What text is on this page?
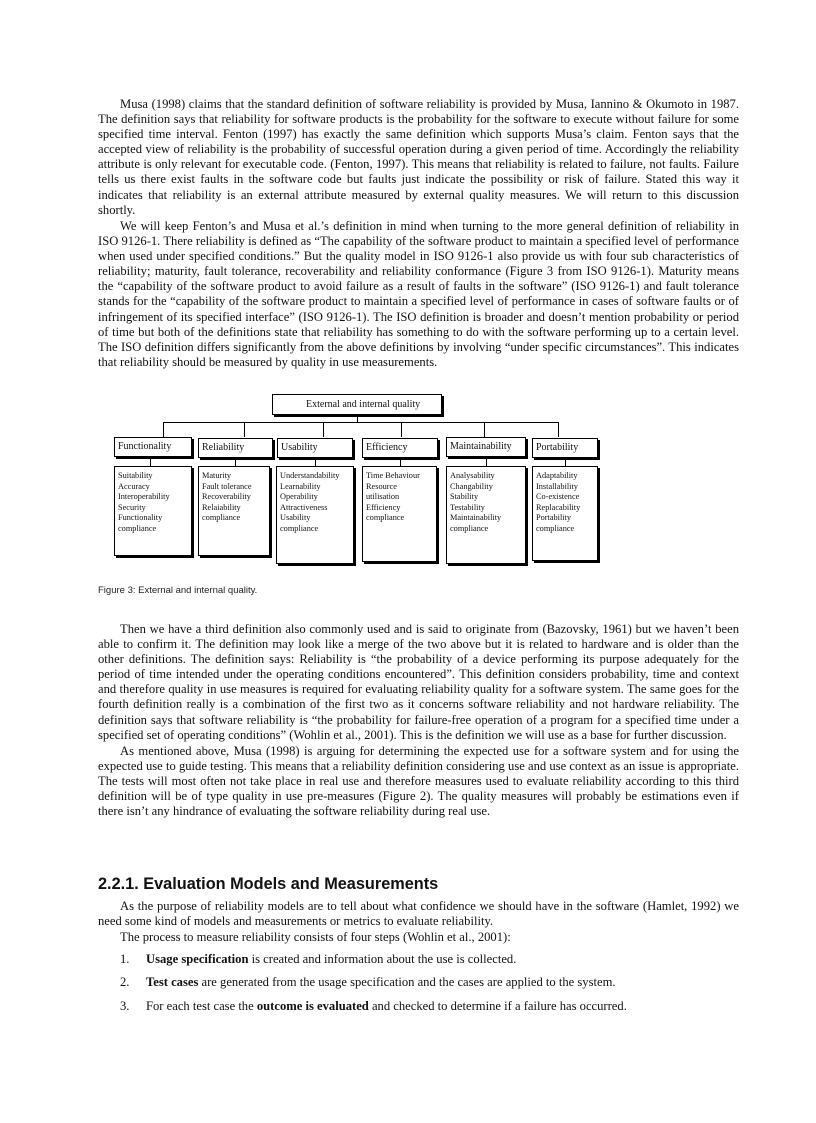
Musa (1998) claims that the standard definition of software reliability is provided by Musa, Iannino & Okumoto in 1987. The definition says that reliability for software products is the probability for the software to execute without failure for some specified time interval. Fenton (1997) has exactly the same definition which supports Musa’s claim. Fenton says that the accepted view of reliability is the probability of successful operation during a given period of time. Accordingly the reliability attribute is only relevant for executable code. (Fenton, 1997). This means that reliability is related to failure, not faults. Failure tells us there exist faults in the software code but faults just indicate the possibility or risk of failure. Stated this way it indicates that reliability is an external attribute measured by external quality measures. We will return to this discussion shortly.

We will keep Fenton’s and Musa et al.’s definition in mind when turning to the more general definition of reliability in ISO 9126-1. There reliability is defined as “The capability of the software product to maintain a specified level of performance when used under specified conditions.” But the quality model in ISO 9126-1 also provide us with four sub characteristics of reliability; maturity, fault tolerance, recoverability and reliability conformance (Figure 3 from ISO 9126-1). Maturity means the “capability of the software product to avoid failure as a result of faults in the software” (ISO 9126-1) and fault tolerance stands for the “capability of the software product to maintain a specified level of performance in cases of software faults or of infringement of its specified interface” (ISO 9126-1). The ISO definition is broader and doesn’t mention probability or period of time but both of the definitions state that reliability has something to do with the software performing up to a certain level. The ISO definition differs significantly from the above definitions by involving “under specific circumstances”. This indicates that reliability should be measured by quality in use measurements.

External and internal quality
Functionality	Reliability	Usability	Efficiency	Maintainability	Portability
Suitability
Accuracy
Interoperability
Security
Functionality
compliance
Maturity
Fault tolerance
Recoverability
Relaiability
compliance
Understandability
Learnability
Operability
Attractiveness
Usability
compliance
Time Behaviour
Resource
utilisation
Efficiency
compliance
Analysability
Changability
Stability
Testability
Maintainability
compliance
Adaptability
Installability
Co-existence
Replacability
Portability
compliance
Figure 3: External and internal quality.

Then we have a third definition also commonly used and is said to originate from (Bazovsky, 1961) but we haven’t been able to confirm it. The definition may look like a merge of the two above but it is related to hardware and is older than the other definitions. The definition says: Reliability is “the probability of a device performing its purpose adequately for the period of time intended under the operating conditions encountered”. This definition considers probability, time and context and therefore quality in use measures is required for evaluating reliability quality for a software system. The same goes for the fourth definition really is a combination of the first two as it concerns software reliability and not hardware reliability. The definition says that software reliability is “the probability for failure-free operation of a program for a specified time under a specified set of operating conditions” (Wohlin et al., 2001). This is the definition we will use as a base for further discussion.

As mentioned above, Musa (1998) is arguing for determining the expected use for a software system and for using the expected use to guide testing. This means that a reliability definition considering use and use context as an issue is appropriate. The tests will most often not take place in real use and therefore measures used to evaluate reliability according to this third definition will be of type quality in use pre-measures (Figure 2). The quality measures will probably be estimations even if there isn’t any hindrance of evaluating the software reliability during real use.

2.2.1. Evaluation Models and Measurements

As the purpose of reliability models are to tell about what confidence we should have in the software (Hamlet, 1992) we need some kind of models and measurements or metrics to evaluate reliability.

The process to measure reliability consists of four steps (Wohlin et al., 2001):

1. Usage specification is created and information about the use is collected.
2. Test cases are generated from the usage specification and the cases are applied to the system.
3. For each test case the outcome is evaluated and checked to determine if a failure has occurred.
